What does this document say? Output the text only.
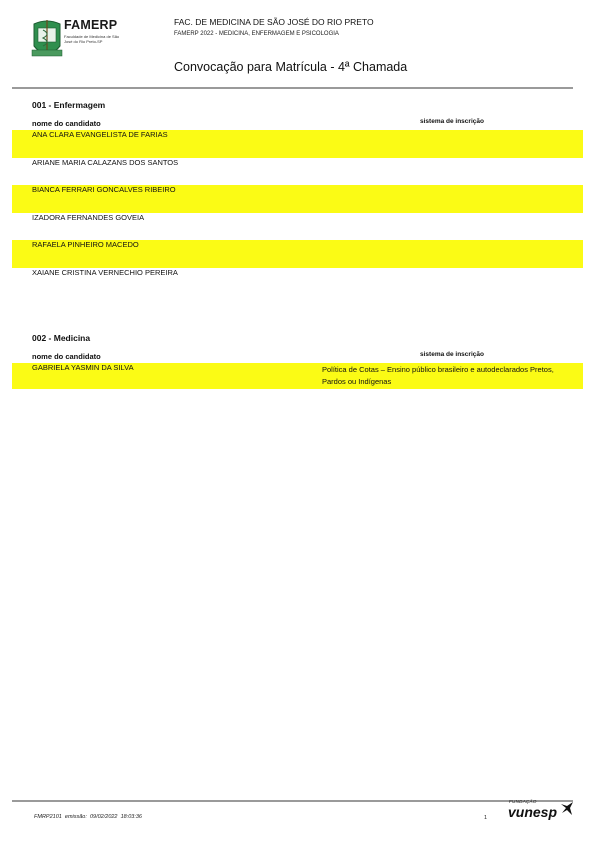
FAMERP
Faculdade de Medicina de São José do Rio Preto-SP
FAC. DE MEDICINA DE SÃO JOSÉ DO RIO PRETO
FAMERP 2022 - MEDICINA, ENFERMAGEM E PSICOLOGIA
Convocação para Matrícula - 4ª Chamada
001 - Enfermagem
nome do candidato	sistema de inscrição
ANA CLARA EVANGELISTA DE FARIAS
ARIANE MARIA CALAZANS DOS SANTOS
BIANCA FERRARI GONCALVES RIBEIRO
IZADORA FERNANDES GOVEIA
RAFAELA PINHEIRO MACEDO
XAIANE CRISTINA VERNECHIO PEREIRA
002 - Medicina
nome do candidato	sistema de inscrição
GABRIELA YASMIN DA SILVA	Política de Cotas – Ensino público brasileiro e autodeclarados Pretos, Pardos ou Indígenas
FMRP2101 emissão: 09/02/2022 18:03:36	1
FUNDAÇÃO
vunesp
